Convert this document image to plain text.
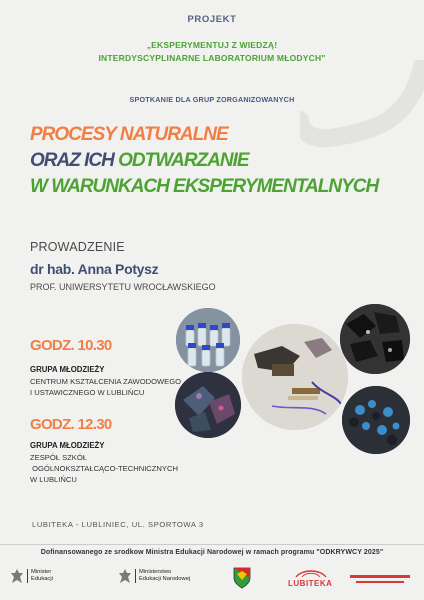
PROJEKT
„EKSPERYMENTUJ Z WIEDZĄ!
INTERDYSCYPLINARNE LABORATORIUM MŁODYCH"
SPOTKANIE DLA GRUP ZORGANIZOWANYCH
PROCESY NATURALNE
ORAZ ICH ODTWARZANIE
W WARUNKACH EKSPERYMENTALNYCH
PROWADZENIE
dr hab. Anna Potysz
PROF. UNIWERSYTETU WROCŁAWSKIEGO
GODZ. 10.30
GRUPA MŁODZIEŻY
CENTRUM KSZTAŁCENIA ZAWODOWEGO
I USTAWICZNEGO W LUBLIŃCU
GODZ. 12.30
GRUPA MŁODZIEŻY
ZESPÓŁ SZKÓŁ
OGÓLNOKSZTAŁCĄCO-TECHNICZNYCH
W LUBLIŃCU
LUBITEKA - LUBLINIEC, UL. SPORTOWA 3
Dofinansowanego ze srodkow Ministra Edukacji Narodowej w ramach programu "ODKRYWCY 2025"
Minister
Edukacji
Ministerstwo
Edukacji Narodowej	LUBITEKA
